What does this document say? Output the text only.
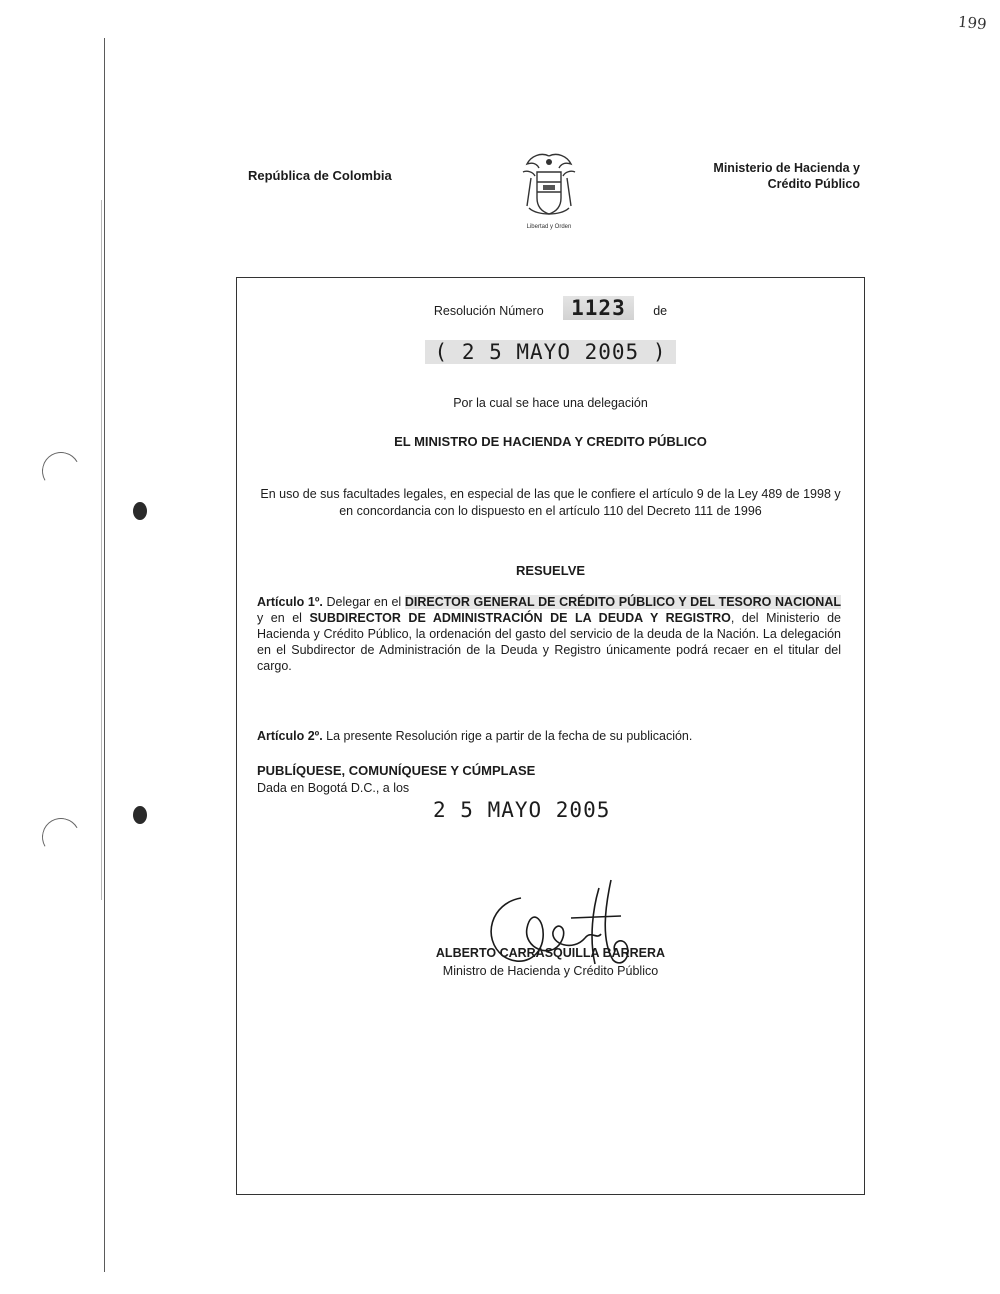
199
República de Colombia
Libertad y Orden
Ministerio de Hacienda y
Crédito Público
Resolución Número 1123 de
( 2 5 MAYO 2005 )
Por la cual se hace una delegación
EL MINISTRO DE HACIENDA Y CREDITO PÚBLICO
En uso de sus facultades legales, en especial de las que le confiere el artículo 9 de la Ley 489 de 1998 y en concordancia con lo dispuesto en el artículo 110 del Decreto 111 de 1996
RESUELVE
Artículo 1º. Delegar en el DIRECTOR GENERAL DE CRÉDITO PÚBLICO Y DEL TESORO NACIONAL y en el SUBDIRECTOR DE ADMINISTRACIÓN DE LA DEUDA Y REGISTRO, del Ministerio de Hacienda y Crédito Público, la ordenación del gasto del servicio de la deuda de la Nación. La delegación en el Subdirector de Administración de la Deuda y Registro únicamente podrá recaer en el titular del cargo.
Artículo 2º. La presente Resolución rige a partir de la fecha de su publicación.
PUBLÍQUESE, COMUNÍQUESE Y CÚMPLASE
Dada en Bogotá D.C., a los
2 5 MAYO 2005
ALBERTO CARRASQUILLA BARRERA
Ministro de Hacienda y Crédito Público
